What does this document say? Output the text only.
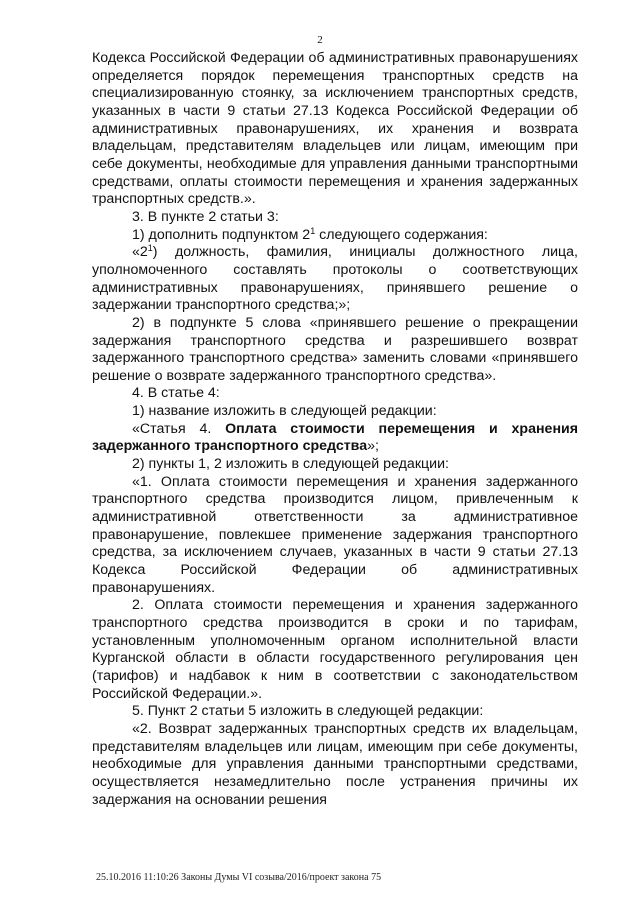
2

Кодекса Российской Федерации об административных правонарушениях определяется порядок перемещения транспортных средств на специализированную стоянку, за исключением транспортных средств, указанных в части 9 статьи 27.13 Кодекса Российской Федерации об административных правонарушениях, их хранения и возврата владельцам, представителям владельцев или лицам, имеющим при себе документы, необходимые для управления данными транспортными средствами, оплаты стоимости перемещения и хранения задержанных транспортных средств.».

3. В пункте 2 статьи 3:

1) дополнить подпунктом $2^1$ следующего содержания:

«$2^1$) должность, фамилия, инициалы должностного лица, уполномоченного составлять протоколы о соответствующих административных правонарушениях, принявшего решение о задержании транспортного средства;»;

2) в подпункте 5 слова «принявшего решение о прекращении задержания транспортного средства и разрешившего возврат задержанного транспортного средства» заменить словами «принявшего решение о возврате задержанного транспортного средства».

4. В статье 4:

1) название изложить в следующей редакции:

«Статья 4. Оплата стоимости перемещения и хранения задержанного транспортного средства»;

2) пункты 1, 2 изложить в следующей редакции:

«1. Оплата стоимости перемещения и хранения задержанного транспортного средства производится лицом, привлеченным к административной ответственности за административное правонарушение, повлекшее применение задержания транспортного средства, за исключением случаев, указанных в части 9 статьи 27.13 Кодекса Российской Федерации об административных правонарушениях.

2. Оплата стоимости перемещения и хранения задержанного транспортного средства производится в сроки и по тарифам, установленным уполномоченным органом исполнительной власти Курганской области в области государственного регулирования цен (тарифов) и надбавок к ним в соответствии с законодательством Российской Федерации.».

5. Пункт 2 статьи 5 изложить в следующей редакции:

«2. Возврат задержанных транспортных средств их владельцам, представителям владельцев или лицам, имеющим при себе документы, необходимые для управления данными транспортными средствами, осуществляется незамедлительно после устранения причины их задержания на основании решения

25.10.2016 11:10:26 Законы Думы VI созыва/2016/проект закона 75
